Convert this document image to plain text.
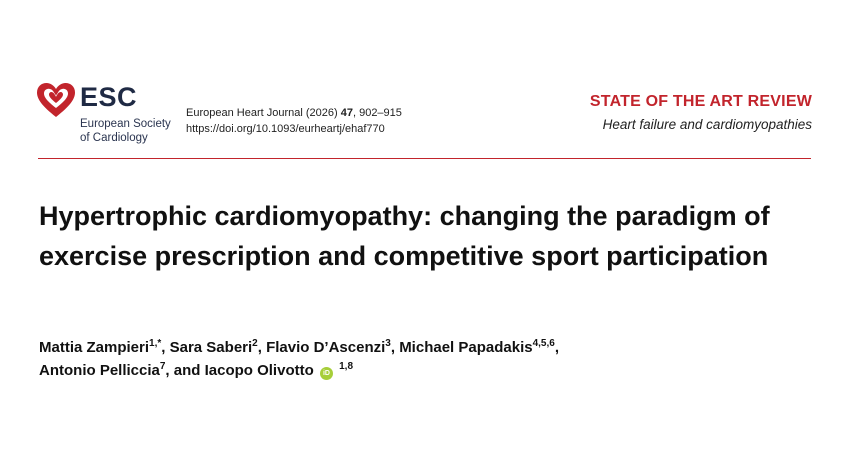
ESC
European Society
of Cardiology
European Heart Journal (2026) 47, 902–915
https://doi.org/10.1093/eurheartj/ehaf770
STATE OF THE ART REVIEW
Heart failure and cardiomyopathies
Hypertrophic cardiomyopathy: changing the paradigm of exercise prescription and competitive sport participation
Mattia Zampieri$^{1,*}$, Sara Saberi$^2$, Flavio D’Ascenzi$^3$, Michael Papadakis$^{4,5,6}$,
Antonio Pelliccia$^7$, and Iacopo Olivotto iD $^{1,8}$
